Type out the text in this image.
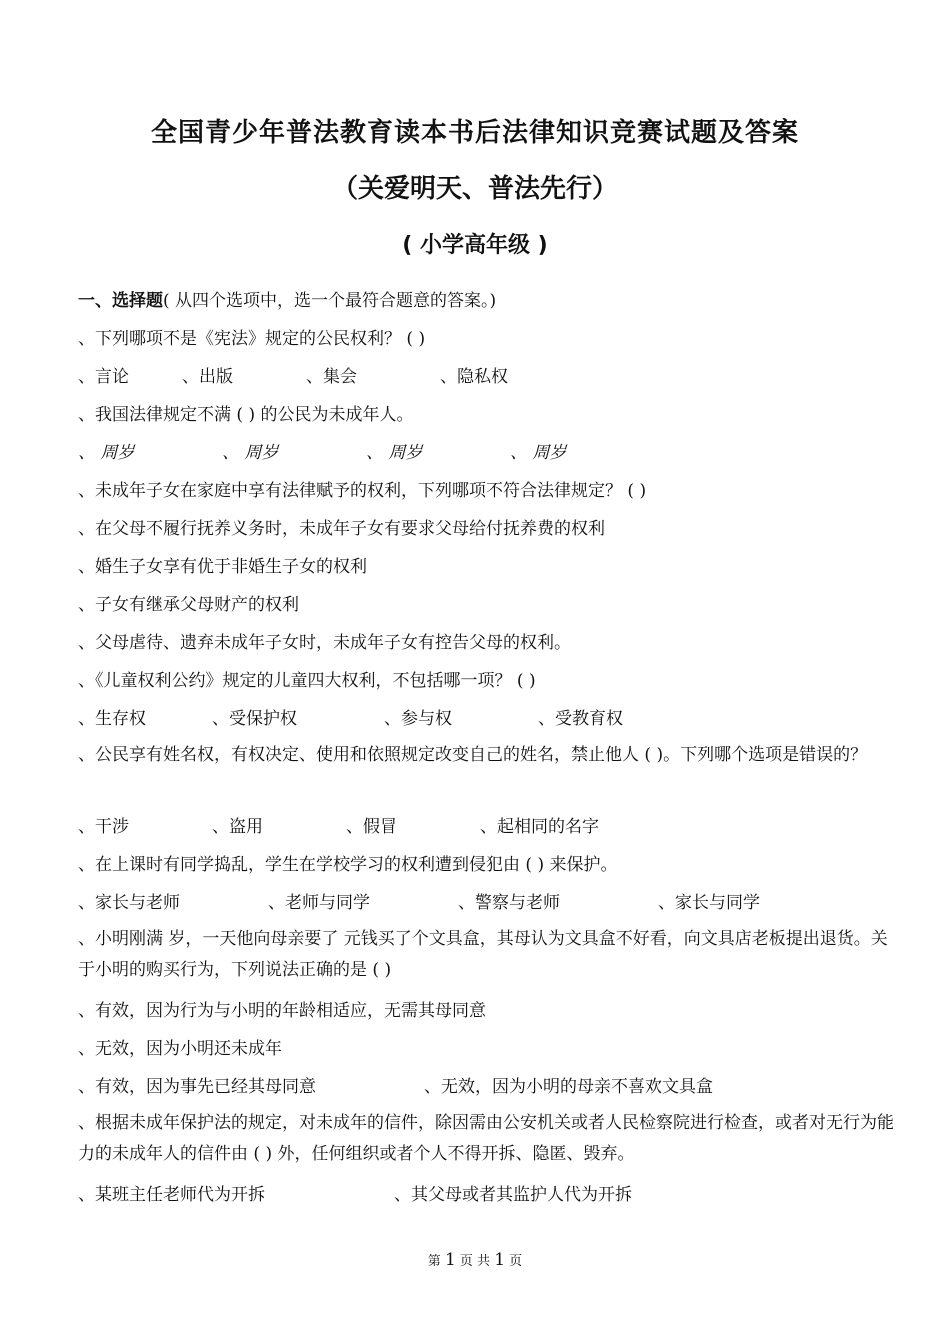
全国青少年普法教育读本书后法律知识竞赛试题及答案
（关爱明天、普法先行）
( 小学高年级 )
一、选择题( 从四个选项中，选一个最符合题意的答案。)
、下列哪项不是《宪法》规定的公民权利？ ( )
、言论	、出版	、集会	、隐私权
、我国法律规定不满 ( ) 的公民为未成年人。
、 周岁	、 周岁	、 周岁	、 周岁
、未成年子女在家庭中享有法律赋予的权利，下列哪项不符合法律规定？ ( )
、在父母不履行抚养义务时，未成年子女有要求父母给付抚养费的权利
、婚生子女享有优于非婚生子女的权利
、子女有继承父母财产的权利
、父母虐待、遗弃未成年子女时，未成年子女有控告父母的权利。
、《儿童权利公约》规定的儿童四大权利，不包括哪一项？ ( )
、生存权	、受保护权	、参与权	、受教育权
、公民享有姓名权，有权决定、使用和依照规定改变自己的姓名，禁止他人 ( )。下列哪个选项是错误的？
、干涉	、盗用	、假冒	、起相同的名字
、在上课时有同学捣乱，学生在学校学习的权利遭到侵犯由 ( ) 来保护。
、家长与老师	、老师与同学	、警察与老师	、家长与同学
、小明刚满 岁，一天他向母亲要了 元钱买了个文具盒，其母认为文具盒不好看，向文具店老板提出退货。关于小明的购买行为，下列说法正确的是 ( )
、有效，因为行为与小明的年龄相适应，无需其母同意
、无效，因为小明还未成年
、有效，因为事先已经其母同意	、无效，因为小明的母亲不喜欢文具盒
、根据未成年保护法的规定，对未成年的信件，除因需由公安机关或者人民检察院进行检查，或者对无行为能力的未成年人的信件由 ( ) 外，任何组织或者个人不得开拆、隐匿、毁弃。
、某班主任老师代为开拆	、其父母或者其监护人代为开拆
第 1 页 共 1 页
